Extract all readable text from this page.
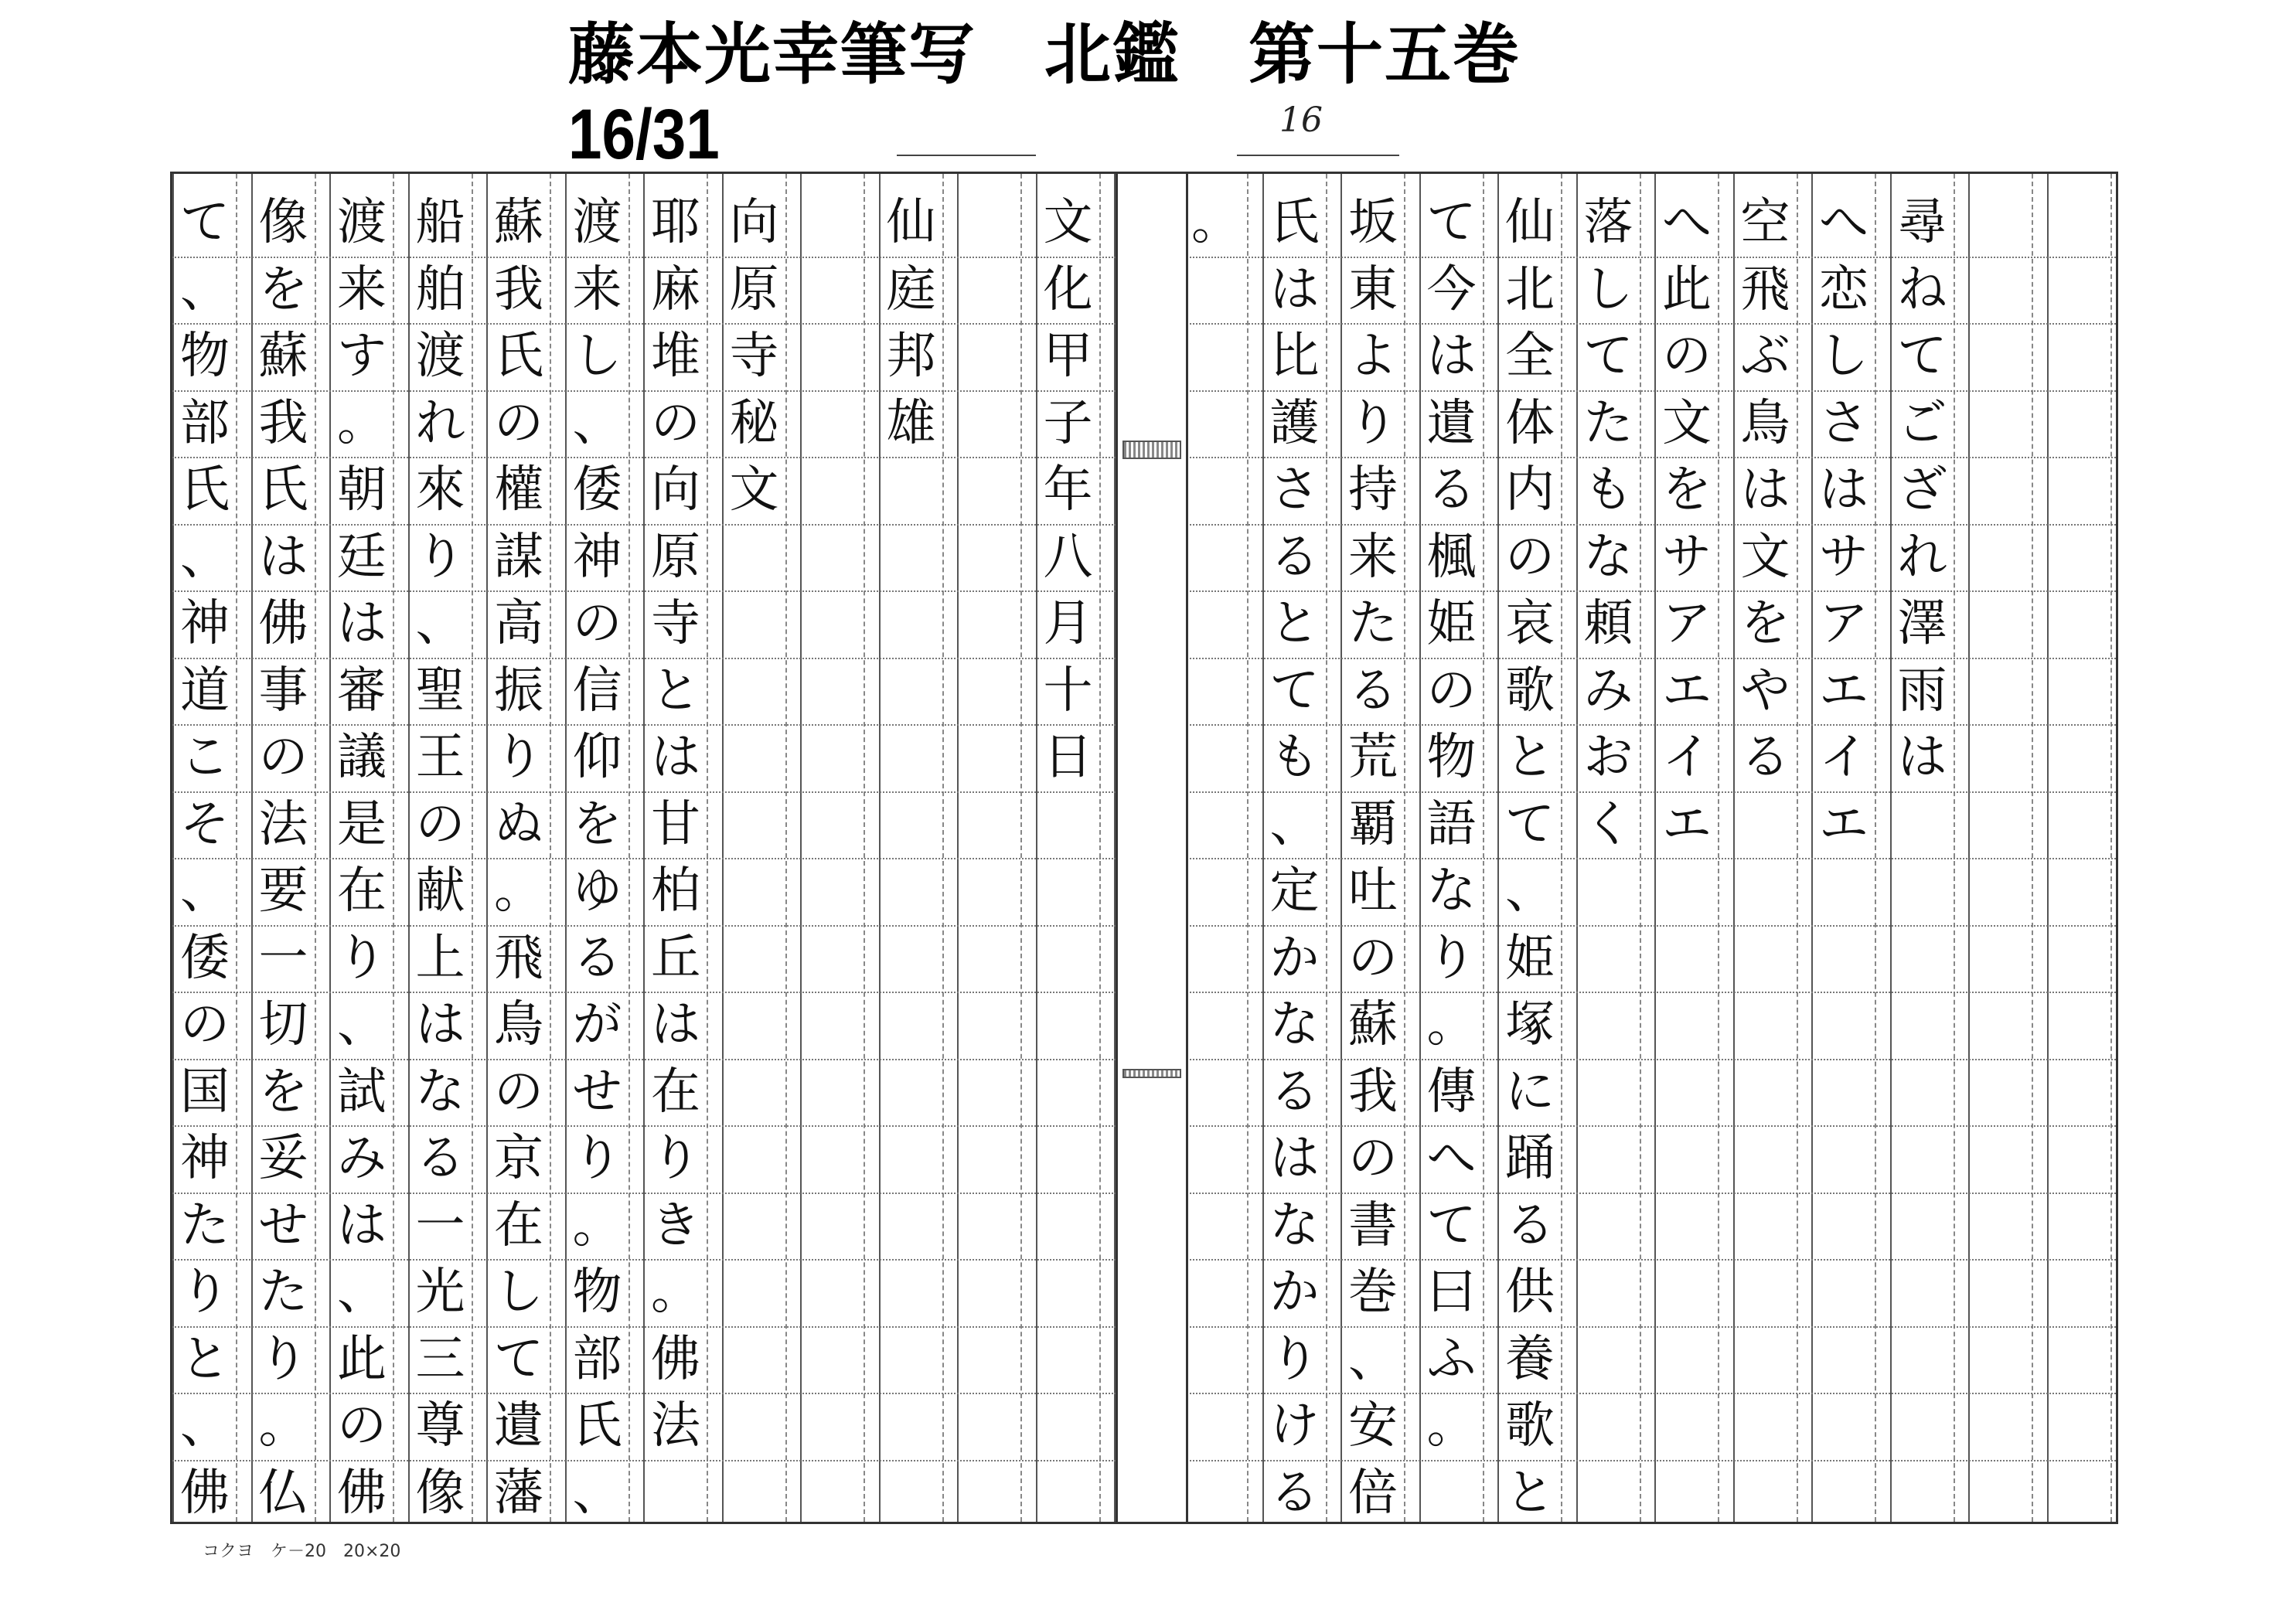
藤本光幸筆写　北鑑　第十五巻
16/31	16
て
、
物
部
氏
、
神
道
こ
そ
、
倭
の
国
神
た
り
と
、
佛
像
を
蘇
我
氏
は
佛
事
の
法
要
一
切
を
妥
せ
た
り
。
仏
渡
来
す
。
朝
廷
は
審
議
是
在
り
、
試
み
は
、
此
の
佛
船
舶
渡
れ
來
り
、
聖
王
の
献
上
は
な
る
一
光
三
尊
像
蘇
我
氏
の
權
謀
高
振
り
ぬ
。
飛
鳥
の
京
在
し
て
遺
藩
渡
来
し
、
倭
神
の
信
仰
を
ゆ
る
が
せ
り
。
物
部
氏
、
耶
麻
堆
の
向
原
寺
と
は
甘
柏
丘
は
在
り
き
。
佛
法
向
原
寺
秘
文
仙
庭
邦
雄
文
化
甲
子
年
八
月
十
日
。 氏
は
比
護
さ
る
と
て
も
、
定
か
な
る
は
な
か
り
け
る
坂
東
よ
り
持
来
た
る
荒
覇
吐
の
蘇
我
の
書
巻
、
安
倍
て
今
は
遺
る
楓
姫
の
物
語
な
り
。
傳
へ
て
曰
ふ
。
仙
北
全
体
内
の
哀
歌
と
て
、
姫
塚
に
踊
る
供
養
歌
と
落
し
て
た
も
な
頼
み
お
く
へ
此
の
文
を
サ
ア
エ
イ
エ
空
飛
ぶ
鳥
は
文
を
や
る
へ
恋
し
さ
は
サ
ア
エ
イ
エ
尋
ね
て
ご
ざ
れ
澤
雨
は
コクヨ　ケ－20　20×20
